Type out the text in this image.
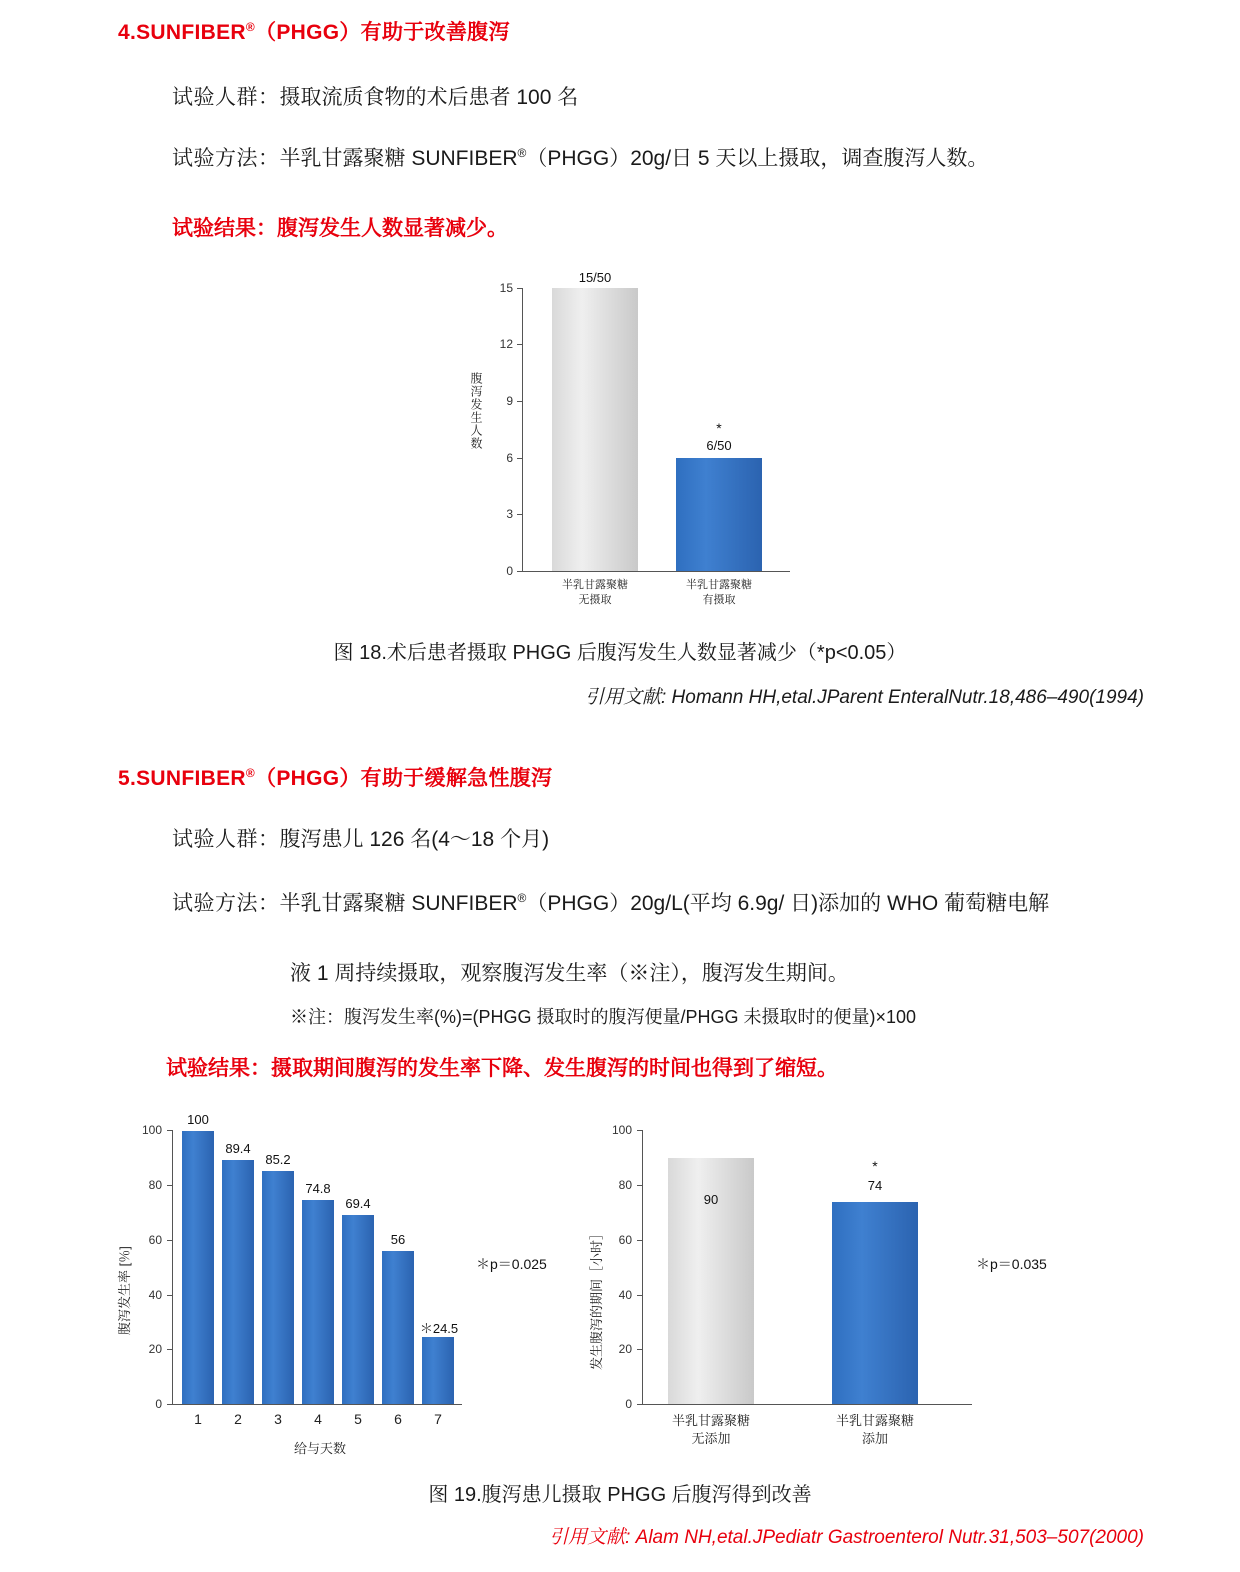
4.SUNFIBER®（PHGG）有助于改善腹泻
试验人群：摄取流质食物的术后患者 100 名
试验方法：半乳甘露聚糖 SUNFIBER®（PHGG）20g/日 5 天以上摄取，调查腹泻人数。
试验结果：腹泻发生人数显著减少。
0
3
6
9
12
15
腹泻发生人数
15/50
*
6/50
半乳甘露聚糖
无摄取
半乳甘露聚糖
有摄取
图 18.术后患者摄取 PHGG 后腹泻发生人数显著减少（*p<0.05）
引用文献: Homann HH,etal.JParent EnteralNutr.18,486–490(1994)
5.SUNFIBER®（PHGG）有助于缓解急性腹泻
试验人群：腹泻患儿 126 名(4～18 个月)
试验方法：半乳甘露聚糖 SUNFIBER®（PHGG）20g/L(平均 6.9g/ 日)添加的 WHO 葡萄糖电解
液 1 周持续摄取，观察腹泻发生率（※注），腹泻发生期间。
※注：腹泻发生率(%)=(PHGG 摄取时的腹泻便量/PHGG 未摄取时的便量)×100
试验结果：摄取期间腹泻的发生率下降、发生腹泻的时间也得到了缩短。
0
20
40
60
80
100
腹泻发生率 [％]
100
89.4
85.2
74.8
69.4
56
＊24.5
1	2	3	4	5	6	7
给与天数
＊p＝0.025
0
20
40
60
80
100
发生腹泻的期间［小时］
90
*
74
半乳甘露聚糖
无添加
半乳甘露聚糖
添加
＊p＝0.035
图 19.腹泻患儿摄取 PHGG 后腹泻得到改善
引用文献: Alam NH,etal.JPediatr Gastroenterol Nutr.31,503–507(2000)
